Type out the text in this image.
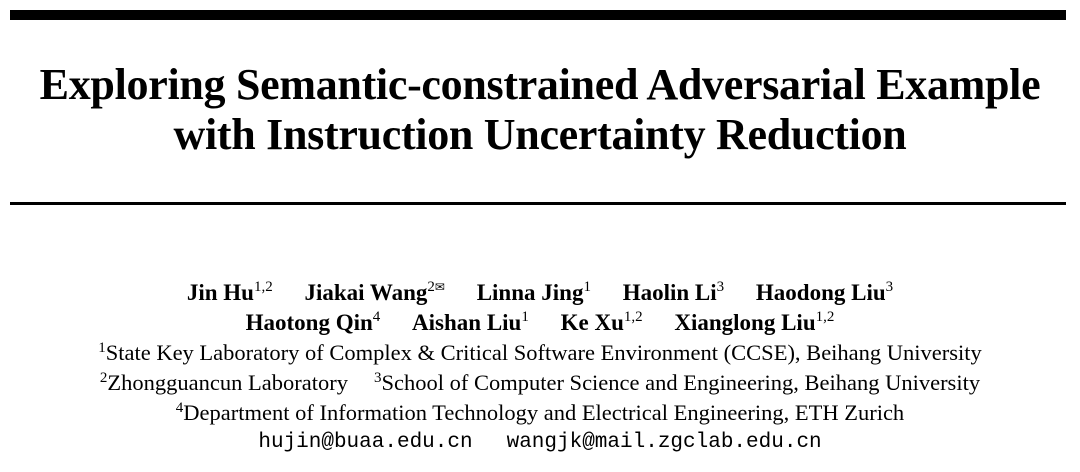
Exploring Semantic-constrained Adversarial Example
with Instruction Uncertainty Reduction
Jin Hu$^{1,2}$ Jiakai Wang$^{2✉}$ Linna Jing$^1$ Haolin Li$^3$ Haodong Liu$^3$
Haotong Qin$^4$ Aishan Liu$^1$ Ke Xu$^{1,2}$ Xianglong Liu$^{1,2}$
$^1$State Key Laboratory of Complex & Critical Software Environment (CCSE), Beihang University
$^2$Zhongguancun Laboratory $^3$School of Computer Science and Engineering, Beihang University
$^4$Department of Information Technology and Electrical Engineering, ETH Zurich
hujin@buaa.edu.cn wangjk@mail.zgclab.edu.cn
